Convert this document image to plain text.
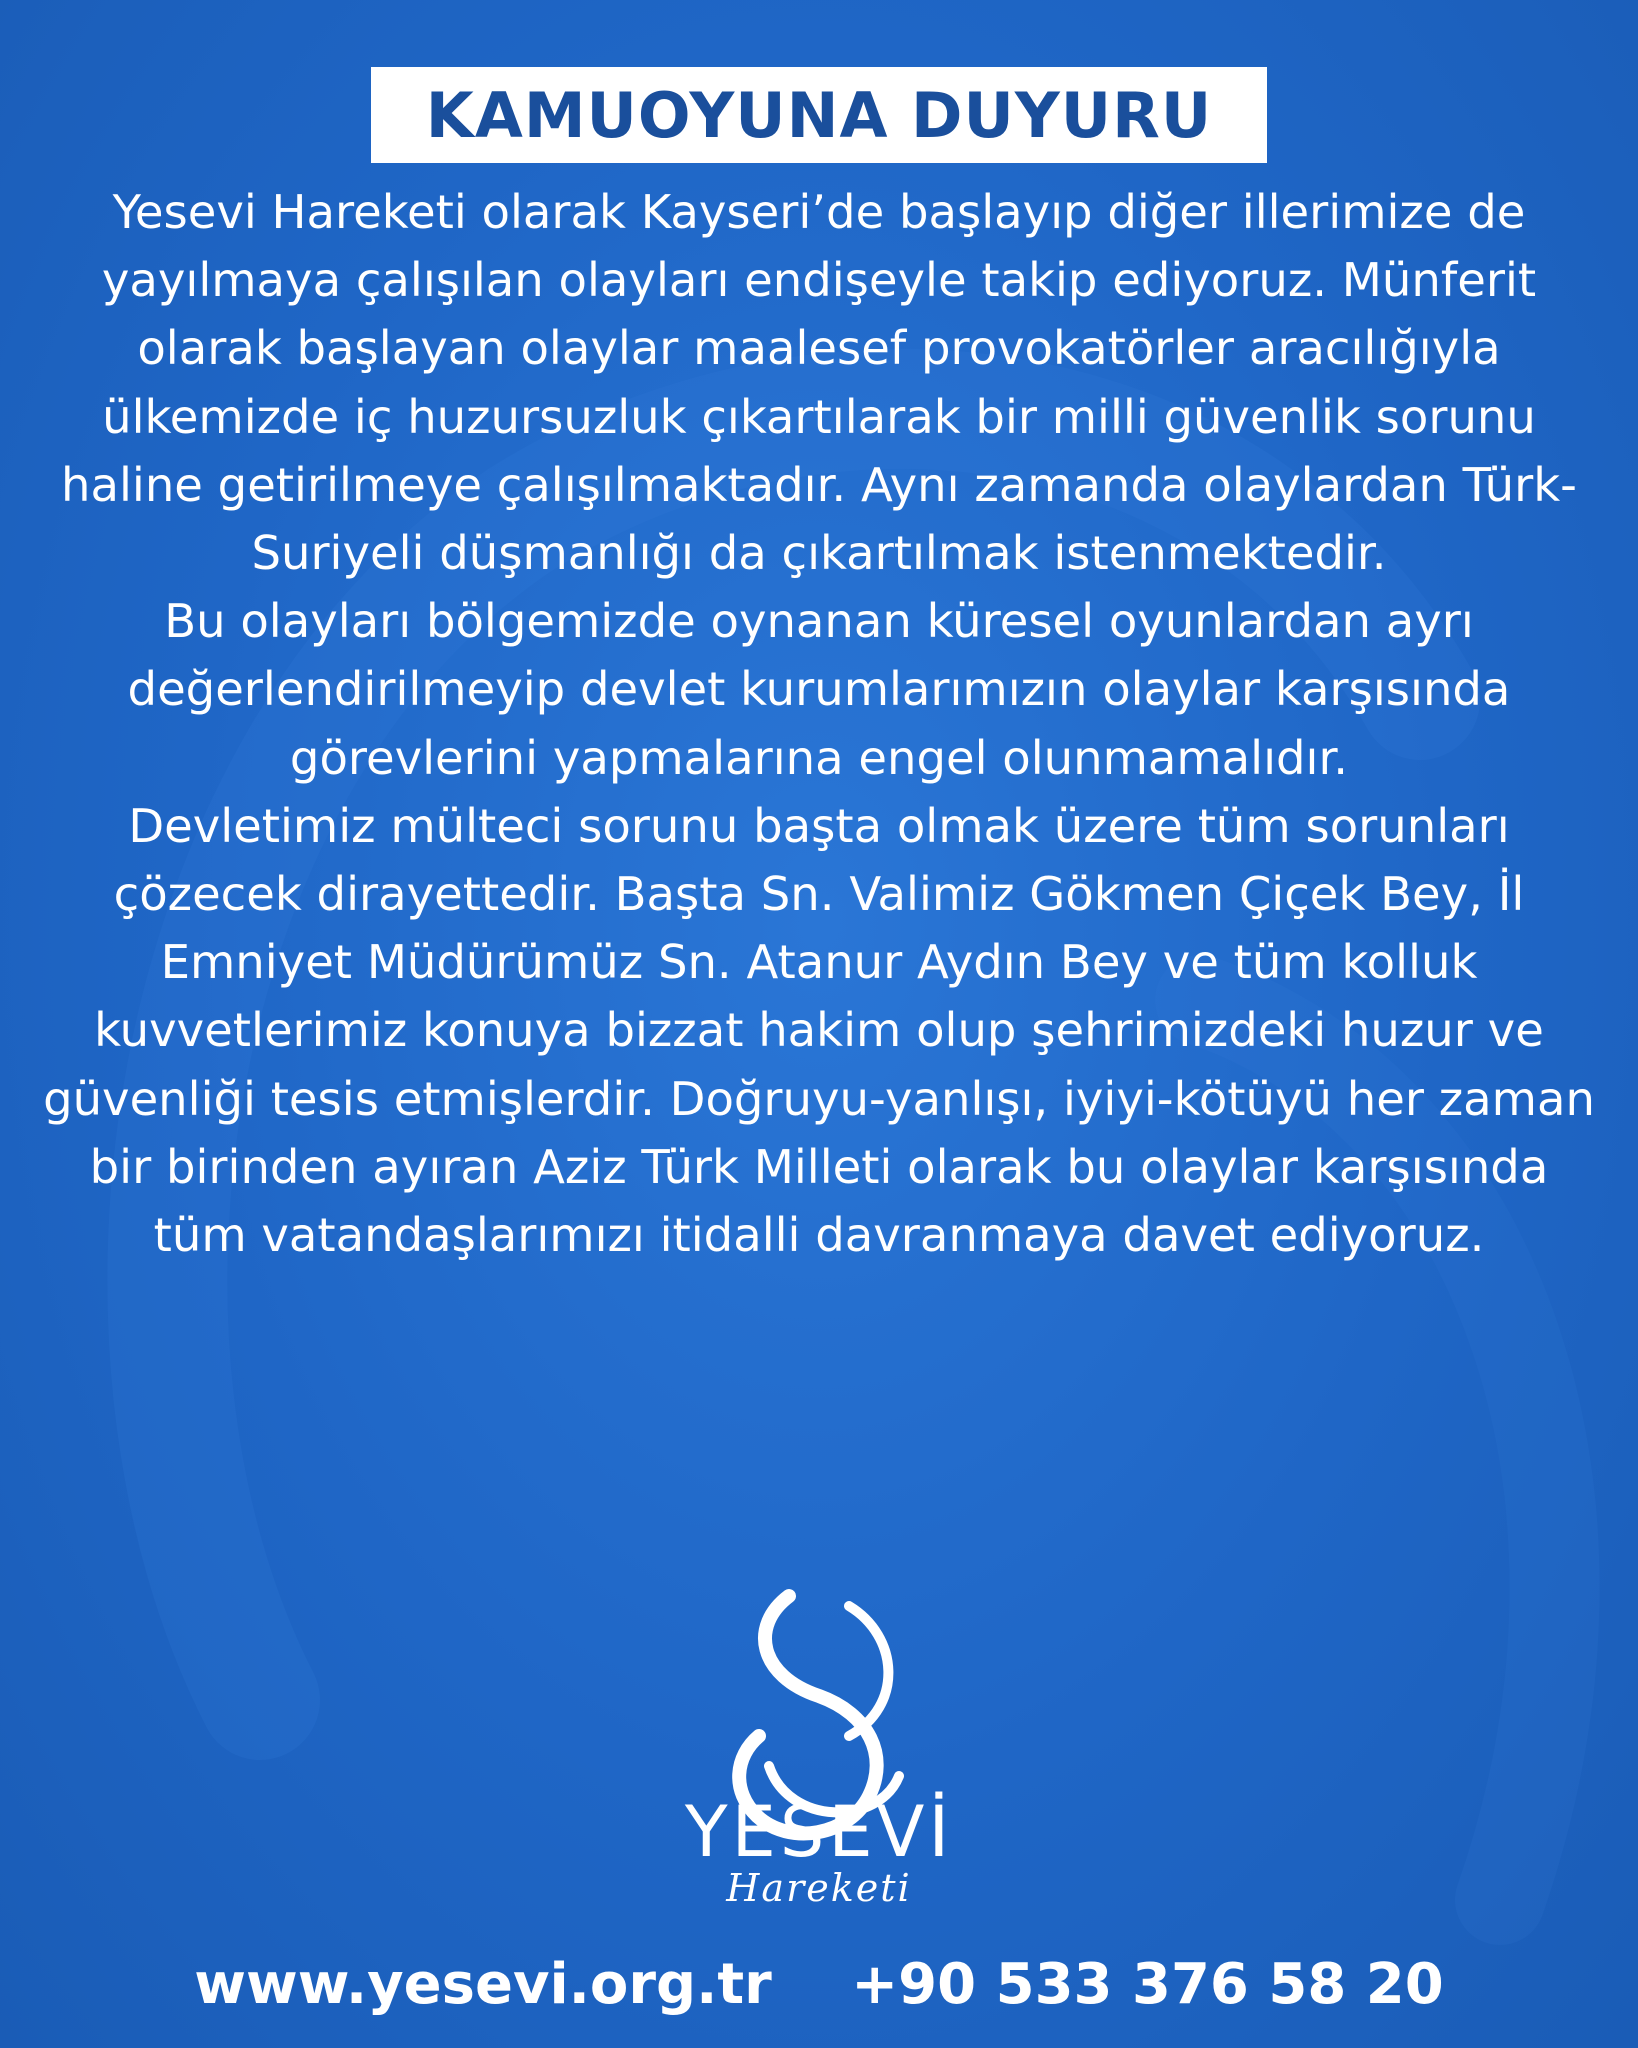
KAMUOYUNA DUYURU

Yesevi Hareketi olarak Kayseri’de başlayıp diğer illerimize de yayılmaya çalışılan olayları endişeyle takip ediyoruz. Münferit olarak başlayan olaylar maalesef provokatörler aracılığıyla ülkemizde iç huzursuzluk çıkartılarak bir milli güvenlik sorunu haline getirilmeye çalışılmaktadır. Aynı zamanda olaylardan Türk-Suriyeli düşmanlığı da çıkartılmak istenmektedir.

Bu olayları bölgemizde oynanan küresel oyunlardan ayrı değerlendirilmeyip devlet kurumlarımızın olaylar karşısında görevlerini yapmalarına engel olunmamalıdır.

Devletimiz mülteci sorunu başta olmak üzere tüm sorunları çözecek dirayettedir. Başta Sn. Valimiz Gökmen Çiçek Bey, İl Emniyet Müdürümüz Sn. Atanur Aydın Bey ve tüm kolluk kuvvetlerimiz konuya bizzat hakim olup şehrimizdeki huzur ve güvenliği tesis etmişlerdir. Doğruyu-yanlışı, iyiyi-kötüyü her zaman bir birinden ayıran Aziz Türk Milleti olarak bu olaylar karşısında tüm vatandaşlarımızı itidalli davranmaya davet ediyoruz.

YESEVİ
Hareketi
www.yesevi.org.tr +90 533 376 58 20
